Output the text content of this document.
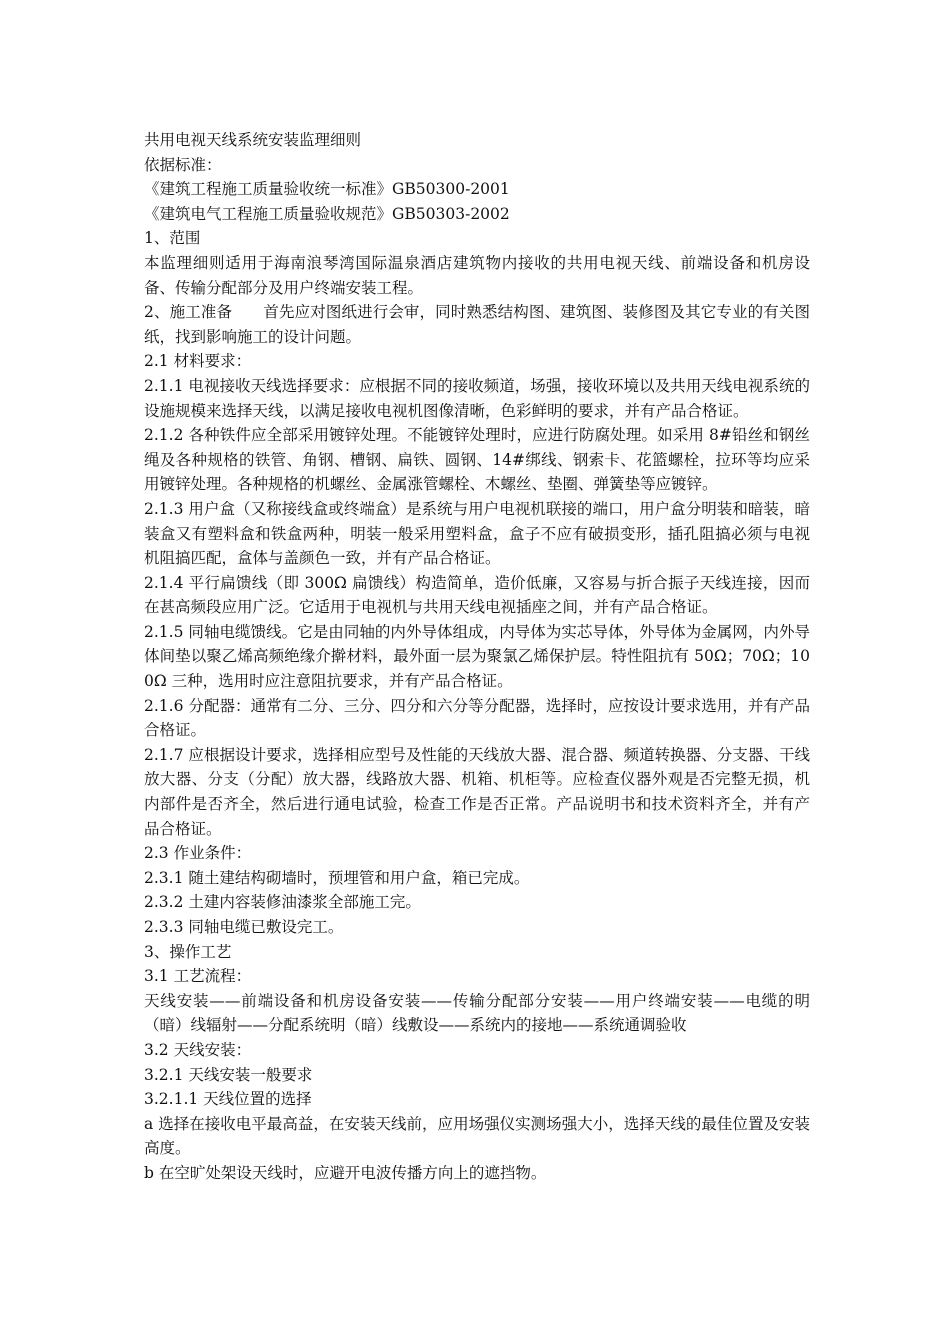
共用电视天线系统安装监理细则

依据标准：

《建筑工程施工质量验收统一标准》GB50300-2001

《建筑电气工程施工质量验收规范》GB50303-2002

1、范围

本监理细则适用于海南浪琴湾国际温泉酒店建筑物内接收的共用电视天线、前端设备和机房设备、传输分配部分及用户终端安装工程。

2、施工准备　　首先应对图纸进行会审，同时熟悉结构图、建筑图、装修图及其它专业的有关图纸，找到影响施工的设计问题。

2.1 材料要求：

2.1.1 电视接收天线选择要求：应根据不同的接收频道，场强，接收环境以及共用天线电视系统的设施规模来选择天线，以满足接收电视机图像清晰，色彩鲜明的要求，并有产品合格证。

2.1.2 各种铁件应全部采用镀锌处理。不能镀锌处理时，应进行防腐处理。如采用 8#铅丝和钢丝绳及各种规格的铁管、角钢、槽钢、扁铁、圆钢、14#绑线、钢索卡、花篮螺栓，拉环等均应采用镀锌处理。各种规格的机螺丝、金属涨管螺栓、木螺丝、垫圈、弹簧垫等应镀锌。

2.1.3 用户盒（又称接线盒或终端盒）是系统与用户电视机联接的端口，用户盒分明装和暗装，暗装盒又有塑料盒和铁盒两种，明装一般采用塑料盒，盒子不应有破损变形，插孔阻搞必须与电视机阻搞匹配，盒体与盖颜色一致，并有产品合格证。

2.1.4 平行扁馈线（即 300Ω 扁馈线）构造简单，造价低廉，又容易与折合振子天线连接，因而在甚高频段应用广泛。它适用于电视机与共用天线电视插座之间，并有产品合格证。

2.1.5 同轴电缆馈线。它是由同轴的内外导体组成，内导体为实芯导体，外导体为金属网，内外导体间垫以聚乙烯高频绝缘介擀材料，最外面一层为聚氯乙烯保护层。特性阻抗有 50Ω；70Ω；100Ω 三种，选用时应注意阻抗要求，并有产品合格证。

2.1.6 分配器：通常有二分、三分、四分和六分等分配器，选择时，应按设计要求选用，并有产品合格证。

2.1.7 应根据设计要求，选择相应型号及性能的天线放大器、混合器、频道转换器、分支器、干线放大器、分支（分配）放大器，线路放大器、机箱、机柜等。应检查仪器外观是否完整无损，机内部件是否齐全，然后进行通电试验，检查工作是否正常。产品说明书和技术资料齐全，并有产品合格证。

2.3 作业条件：

2.3.1 随土建结构砌墙时，预埋管和用户盒，箱已完成。

2.3.2 土建内容装修油漆浆全部施工完。

2.3.3 同轴电缆已敷设完工。

3、操作工艺

3.1 工艺流程：

天线安装——前端设备和机房设备安装——传输分配部分安装——用户终端安装——电缆的明（暗）线辐射——分配系统明（暗）线敷设——系统内的接地——系统通调验收

3.2 天线安装：

3.2.1 天线安装一般要求

3.2.1.1 天线位置的选择

a 选择在接收电平最高益，在安装天线前，应用场强仪实测场强大小，选择天线的最佳位置及安装高度。

b 在空旷处架设天线时，应避开电波传播方向上的遮挡物。
